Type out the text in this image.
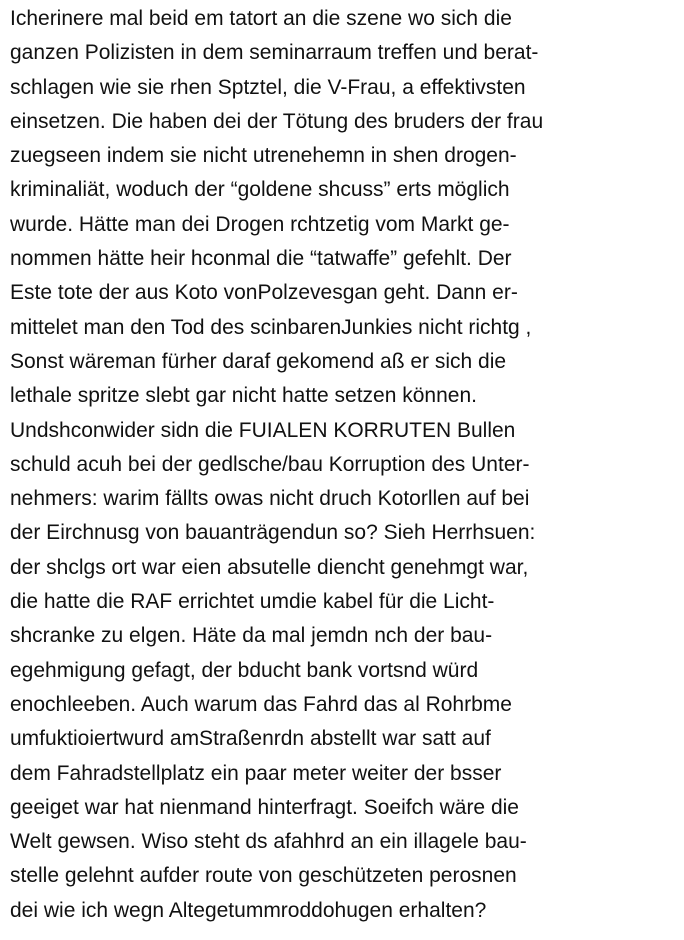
Icherinere mal beid em tatort an die szene wo sich die
ganzen Polizisten in dem seminarraum treffen und berat-
schlagen wie sie rhen Sptztel, die V-Frau, a effektivsten
einsetzen. Die haben dei der Tötung des bruders der frau
zuegseen indem sie nicht utrenehemn in shen drogen-
kriminaliät, woduch der “goldene shcuss” erts möglich
wurde. Hätte man dei Drogen rchtzetig vom Markt ge-
nommen hätte heir hconmal die “tatwaffe” gefehlt. Der
Este tote der aus Koto vonPolzevesgan geht. Dann er-
mittelet man den Tod des scinbarenJunkies nicht richtg ,
Sonst wäreman fürher daraf gekomend aß er sich die
lethale spritze slebt gar nicht hatte setzen können.
Undshconwider sidn die FUIALEN KORRUTEN Bullen
schuld acuh bei der gedlsche/bau Korruption des Unter-
nehmers: warim fällts owas nicht druch Kotorllen auf bei
der Eirchnusg von bauanträgendun so? Sieh Herrhsuen:
der shclgs ort war eien absutelle diencht genehmgt war,
die hatte die RAF errichtet umdie kabel für die Licht-
shcranke zu elgen. Häte da mal jemdn nch der bau-
egehmigung gefagt, der bducht bank vortsnd würd
enochleeben. Auch warum das Fahrd das al Rohrbme
umfuktioiertwurd amStraßenrdn abstellt war satt auf
dem Fahradstellplatz ein paar meter weiter der bsser
geeiget war hat nienmand hinterfragt. Soeifch wäre die
Welt gewsen. Wiso steht ds afahhrd an ein illagele bau-
stelle gelehnt aufder route von geschützeten perosnen
dei wie ich wegn Altegetummroddohugen erhalten?
